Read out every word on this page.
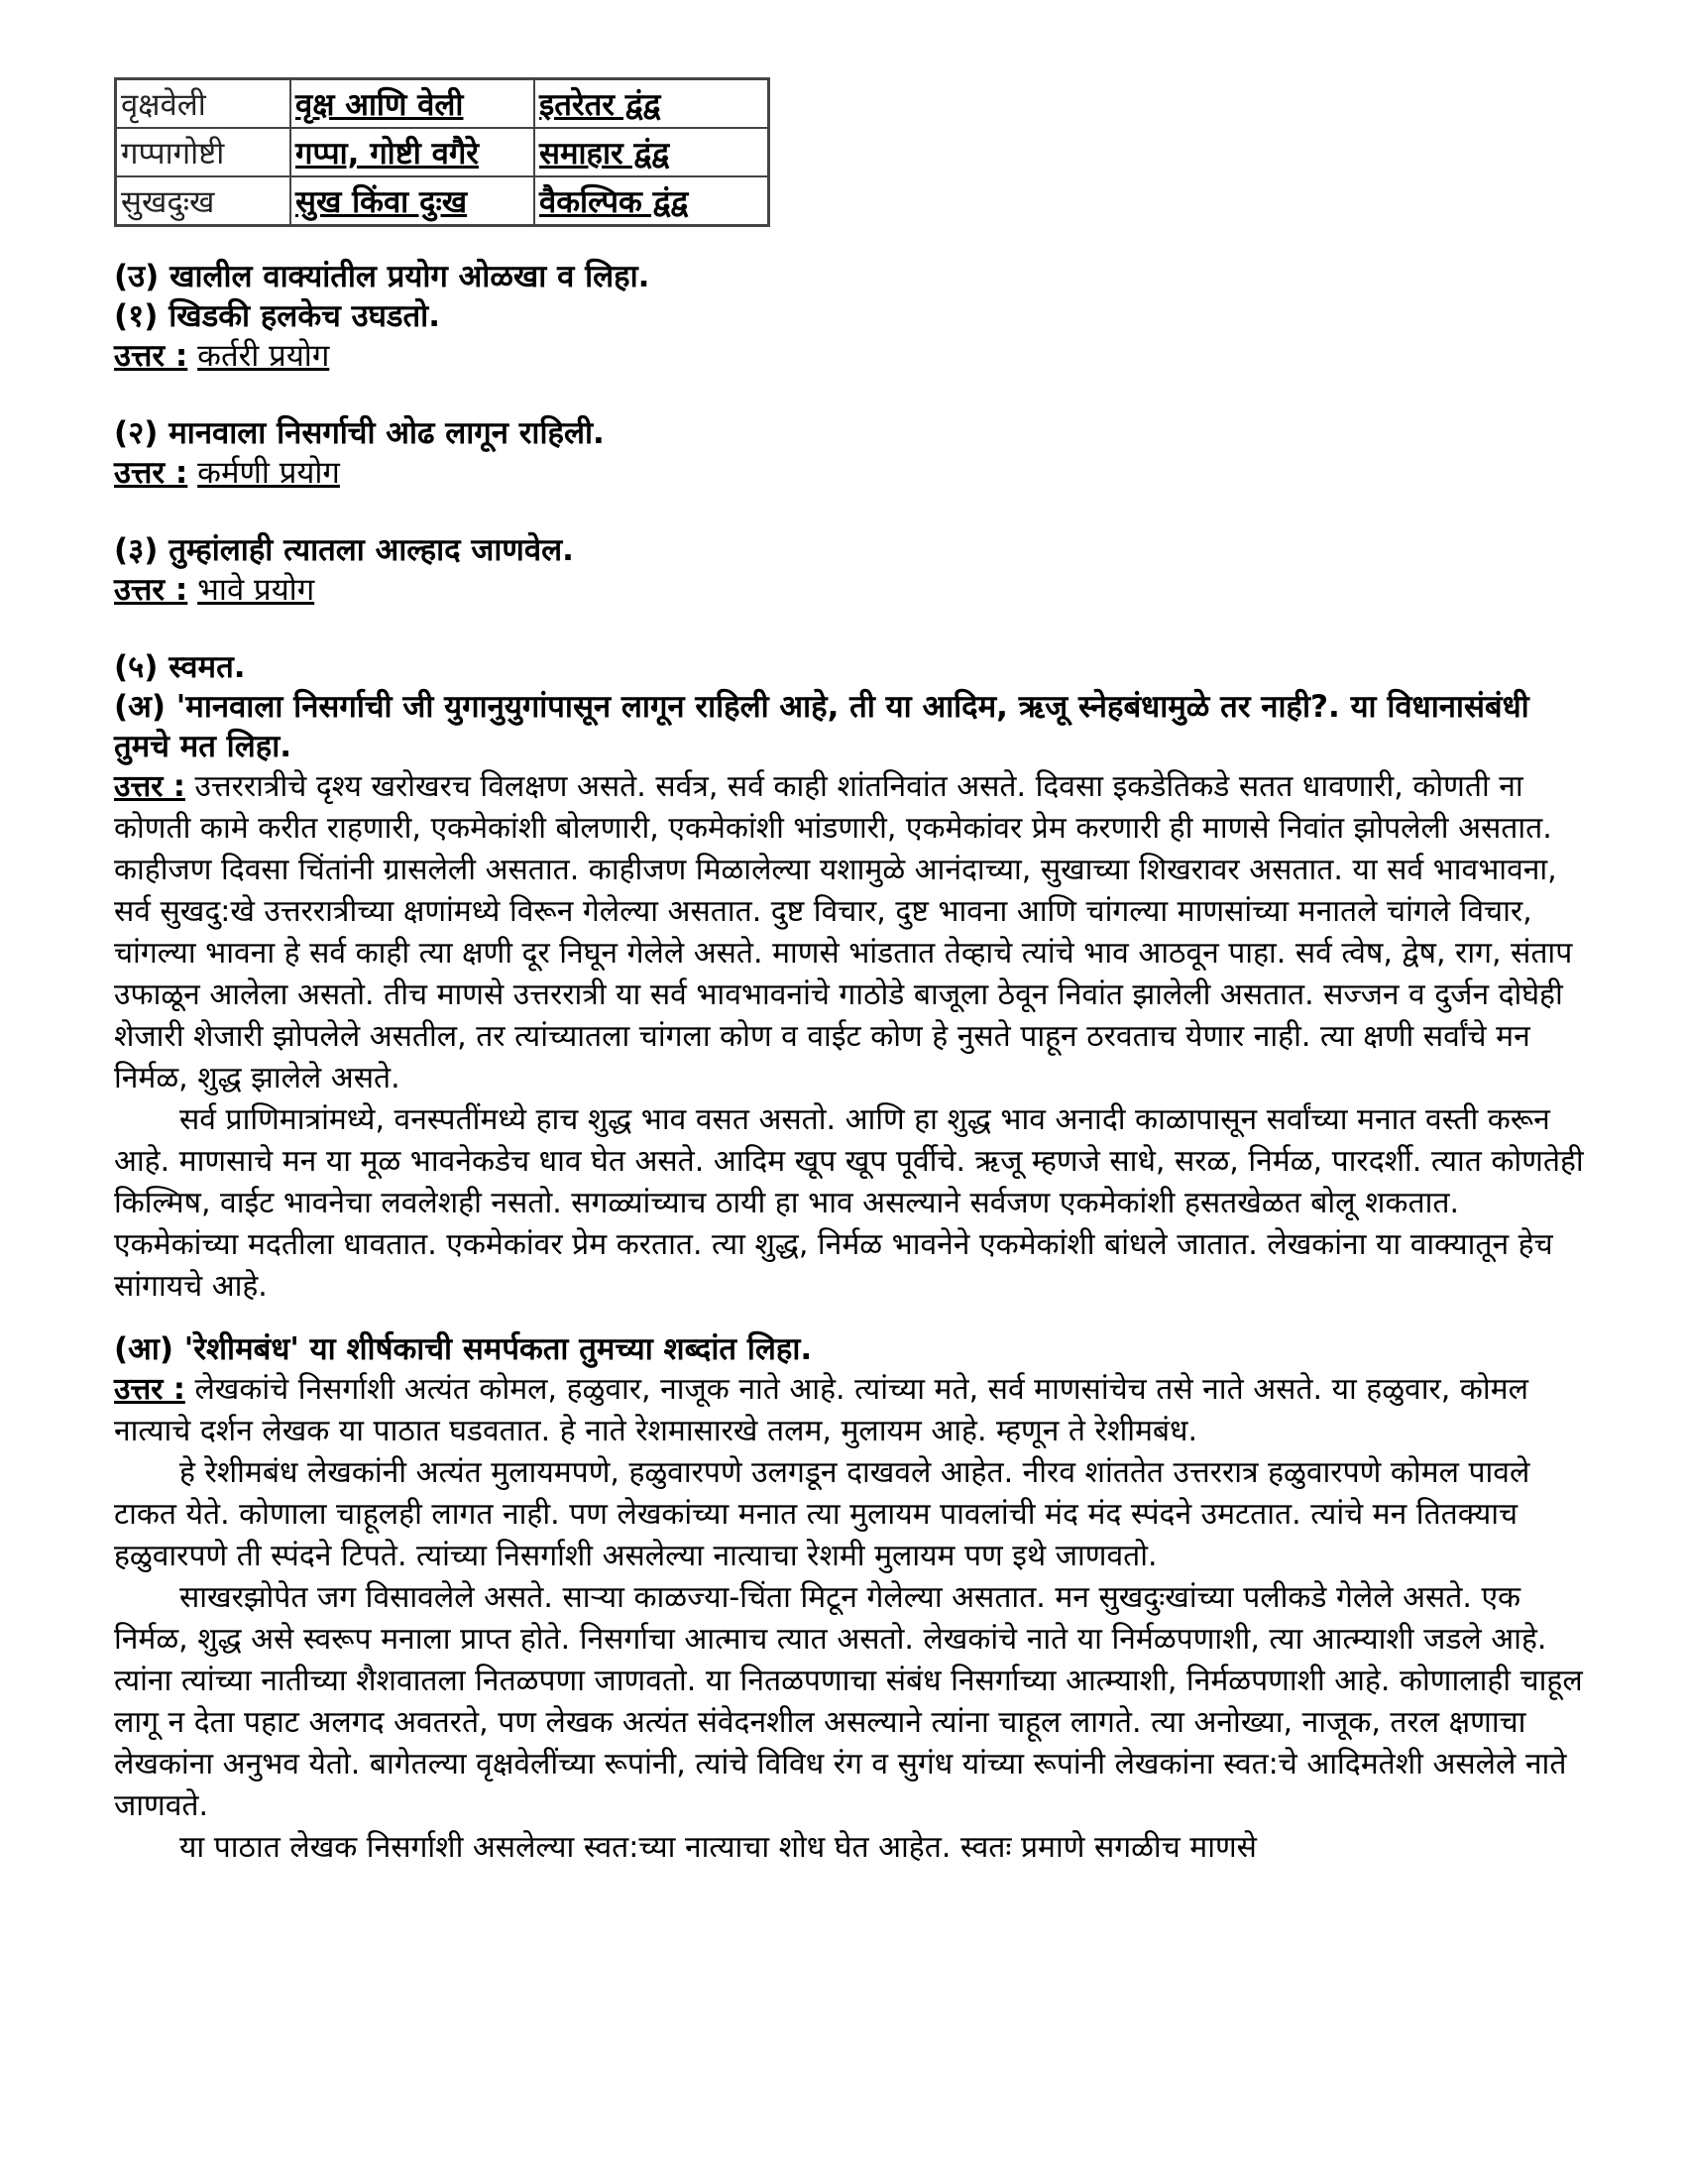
वृक्षवेली	वृक्ष आणि वेली	इतरेतर द्वंद्व
गप्पागोष्टी	गप्पा, गोष्टी वगैरे	समाहार द्वंद्व
सुखदुःख	सुख किंवा दुःख	वैकल्पिक द्वंद्व

(उ) खालील वाक्यांतील प्रयोग ओळखा व लिहा.

(१) खिडकी हलकेच उघडतो.

उत्तर : कर्तरी प्रयोग

(२) मानवाला निसर्गाची ओढ लागून राहिली.

उत्तर : कर्मणी प्रयोग

(३) तुम्हांलाही त्यातला आल्हाद जाणवेल.

उत्तर : भावे प्रयोग

(५) स्वमत.

(अ) 'मानवाला निसर्गाची जी युगानुयुगांपासून लागून राहिली आहे, ती या आदिम, ऋजू स्नेहबंधामुळे तर नाही?. या विधानासंबंधी तुमचे मत लिहा.

उत्तर : उत्तररात्रीचे दृश्य खरोखरच विलक्षण असते. सर्वत्र, सर्व काही शांतनिवांत असते. दिवसा इकडेतिकडे सतत धावणारी, कोणती ना कोणती कामे करीत राहणारी, एकमेकांशी बोलणारी, एकमेकांशी भांडणारी, एकमेकांवर प्रेम करणारी ही माणसे निवांत झोपलेली असतात. काहीजण दिवसा चिंतांनी ग्रासलेली असतात. काहीजण मिळालेल्या यशामुळे आनंदाच्या, सुखाच्या शिखरावर असतात. या सर्व भावभावना, सर्व सुखदु:खे उत्तररात्रीच्या क्षणांमध्ये विरून गेलेल्या असतात. दुष्ट विचार, दुष्ट भावना आणि चांगल्या माणसांच्या मनातले चांगले विचार, चांगल्या भावना हे सर्व काही त्या क्षणी दूर निघून गेलेले असते. माणसे भांडतात तेव्हाचे त्यांचे भाव आठवून पाहा. सर्व त्वेष, द्वेष, राग, संताप उफाळून आलेला असतो. तीच माणसे उत्तररात्री या सर्व भावभावनांचे गाठोडे बाजूला ठेवून निवांत झालेली असतात. सज्जन व दुर्जन दोघेही शेजारी शेजारी झोपलेले असतील, तर त्यांच्यातला चांगला कोण व वाईट कोण हे नुसते पाहून ठरवताच येणार नाही. त्या क्षणी सर्वांचे मन निर्मळ, शुद्ध झालेले असते.

सर्व प्राणिमात्रांमध्ये, वनस्पतींमध्ये हाच शुद्ध भाव वसत असतो. आणि हा शुद्ध भाव अनादी काळापासून सर्वांच्या मनात वस्ती करून आहे. माणसाचे मन या मूळ भावनेकडेच धाव घेत असते. आदिम खूप खूप पूर्वीचे. ऋजू म्हणजे साधे, सरळ, निर्मळ, पारदर्शी. त्यात कोणतेही किल्मिष, वाईट भावनेचा लवलेशही नसतो. सगळ्यांच्याच ठायी हा भाव असल्याने सर्वजण एकमेकांशी हसतखेळत बोलू शकतात. एकमेकांच्या मदतीला धावतात. एकमेकांवर प्रेम करतात. त्या शुद्ध, निर्मळ भावनेने एकमेकांशी बांधले जातात. लेखकांना या वाक्यातून हेच सांगायचे आहे.

(आ) 'रेशीमबंध' या शीर्षकाची समर्पकता तुमच्या शब्दांत लिहा.

उत्तर : लेखकांचे निसर्गाशी अत्यंत कोमल, हळुवार, नाजूक नाते आहे. त्यांच्या मते, सर्व माणसांचेच तसे नाते असते. या हळुवार, कोमल नात्याचे दर्शन लेखक या पाठात घडवतात. हे नाते रेशमासारखे तलम, मुलायम आहे. म्हणून ते रेशीमबंध.

हे रेशीमबंध लेखकांनी अत्यंत मुलायमपणे, हळुवारपणे उलगडून दाखवले आहेत. नीरव शांततेत उत्तररात्र हळुवारपणे कोमल पावले टाकत येते. कोणाला चाहूलही लागत नाही. पण लेखकांच्या मनात त्या मुलायम पावलांची मंद मंद स्पंदने उमटतात. त्यांचे मन तितक्याच हळुवारपणे ती स्पंदने टिपते. त्यांच्या निसर्गाशी असलेल्या नात्याचा रेशमी मुलायम पण इथे जाणवतो.

साखरझोपेत जग विसावलेले असते. साऱ्या काळज्या-चिंता मिटून गेलेल्या असतात. मन सुखदुःखांच्या पलीकडे गेलेले असते. एक निर्मळ, शुद्ध असे स्वरूप मनाला प्राप्त होते. निसर्गाचा आत्माच त्यात असतो. लेखकांचे नाते या निर्मळपणाशी, त्या आत्म्याशी जडले आहे. त्यांना त्यांच्या नातीच्या शैशवातला नितळपणा जाणवतो. या नितळपणाचा संबंध निसर्गाच्या आत्म्याशी, निर्मळपणाशी आहे. कोणालाही चाहूल लागू न देता पहाट अलगद अवतरते, पण लेखक अत्यंत संवेदनशील असल्याने त्यांना चाहूल लागते. त्या अनोख्या, नाजूक, तरल क्षणाचा लेखकांना अनुभव येतो. बागेतल्या वृक्षवेलींच्या रूपांनी, त्यांचे विविध रंग व सुगंध यांच्या रूपांनी लेखकांना स्वत:चे आदिमतेशी असलेले नाते जाणवते.

या पाठात लेखक निसर्गाशी असलेल्या स्वत:च्या नात्याचा शोध घेत आहेत. स्वतः प्रमाणे सगळीच माणसे
